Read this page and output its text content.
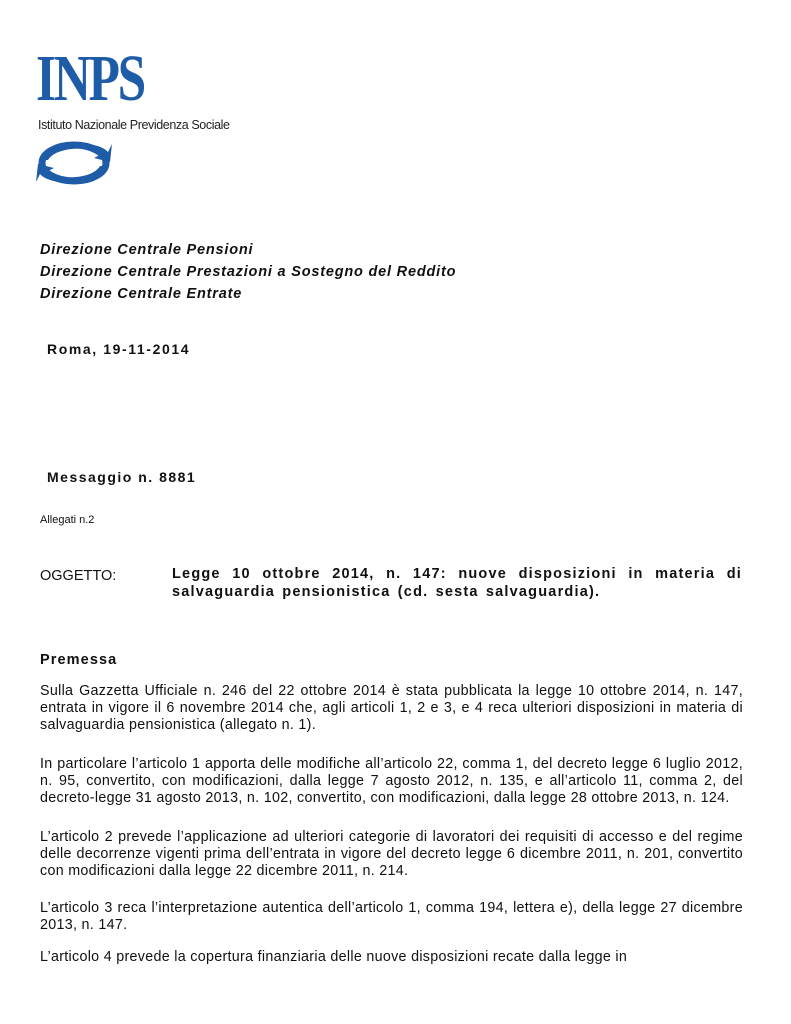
INPS
Istituto Nazionale Previdenza Sociale
Direzione Centrale Pensioni
Direzione Centrale Prestazioni a Sostegno del Reddito
Direzione Centrale Entrate
Roma, 19-11-2014
Messaggio n. 8881
Allegati n.2
OGGETTO:	Legge 10 ottobre 2014, n. 147: nuove disposizioni in materia di salvaguardia pensionistica (cd. sesta salvaguardia).
Premessa
Sulla Gazzetta Ufficiale n. 246 del 22 ottobre 2014 è stata pubblicata la legge 10 ottobre 2014, n. 147, entrata in vigore il 6 novembre 2014 che, agli articoli 1, 2 e 3, e 4 reca ulteriori disposizioni in materia di salvaguardia pensionistica (allegato n. 1).
In particolare l’articolo 1 apporta delle modifiche all’articolo 22, comma 1, del decreto legge 6 luglio 2012, n. 95, convertito, con modificazioni, dalla legge 7 agosto 2012, n. 135, e all’articolo 11, comma 2, del decreto-legge 31 agosto 2013, n. 102, convertito, con modificazioni, dalla legge 28 ottobre 2013, n. 124.
L’articolo 2 prevede l’applicazione ad ulteriori categorie di lavoratori dei requisiti di accesso e del regime delle decorrenze vigenti prima dell’entrata in vigore del decreto legge 6 dicembre 2011, n. 201, convertito con modificazioni dalla legge 22 dicembre 2011, n. 214.
L’articolo 3 reca l’interpretazione autentica dell’articolo 1, comma 194, lettera e), della legge 27 dicembre 2013, n. 147.
L’articolo 4 prevede la copertura finanziaria delle nuove disposizioni recate dalla legge in
